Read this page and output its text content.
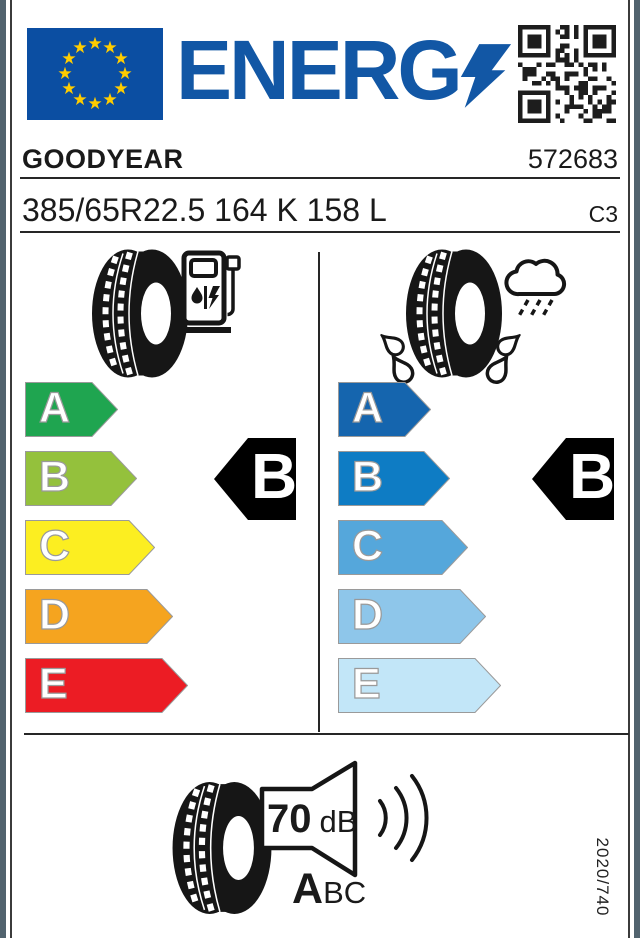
★ ★
★
★
★
★
★
★
★
★
★
★ ENERG
GOODYEAR	572683
385/65R22.5 164 K 158 L	C3
A
B
C
D
E
B
A
B
C
D
E
B
70 dB
A BC	2020/740
